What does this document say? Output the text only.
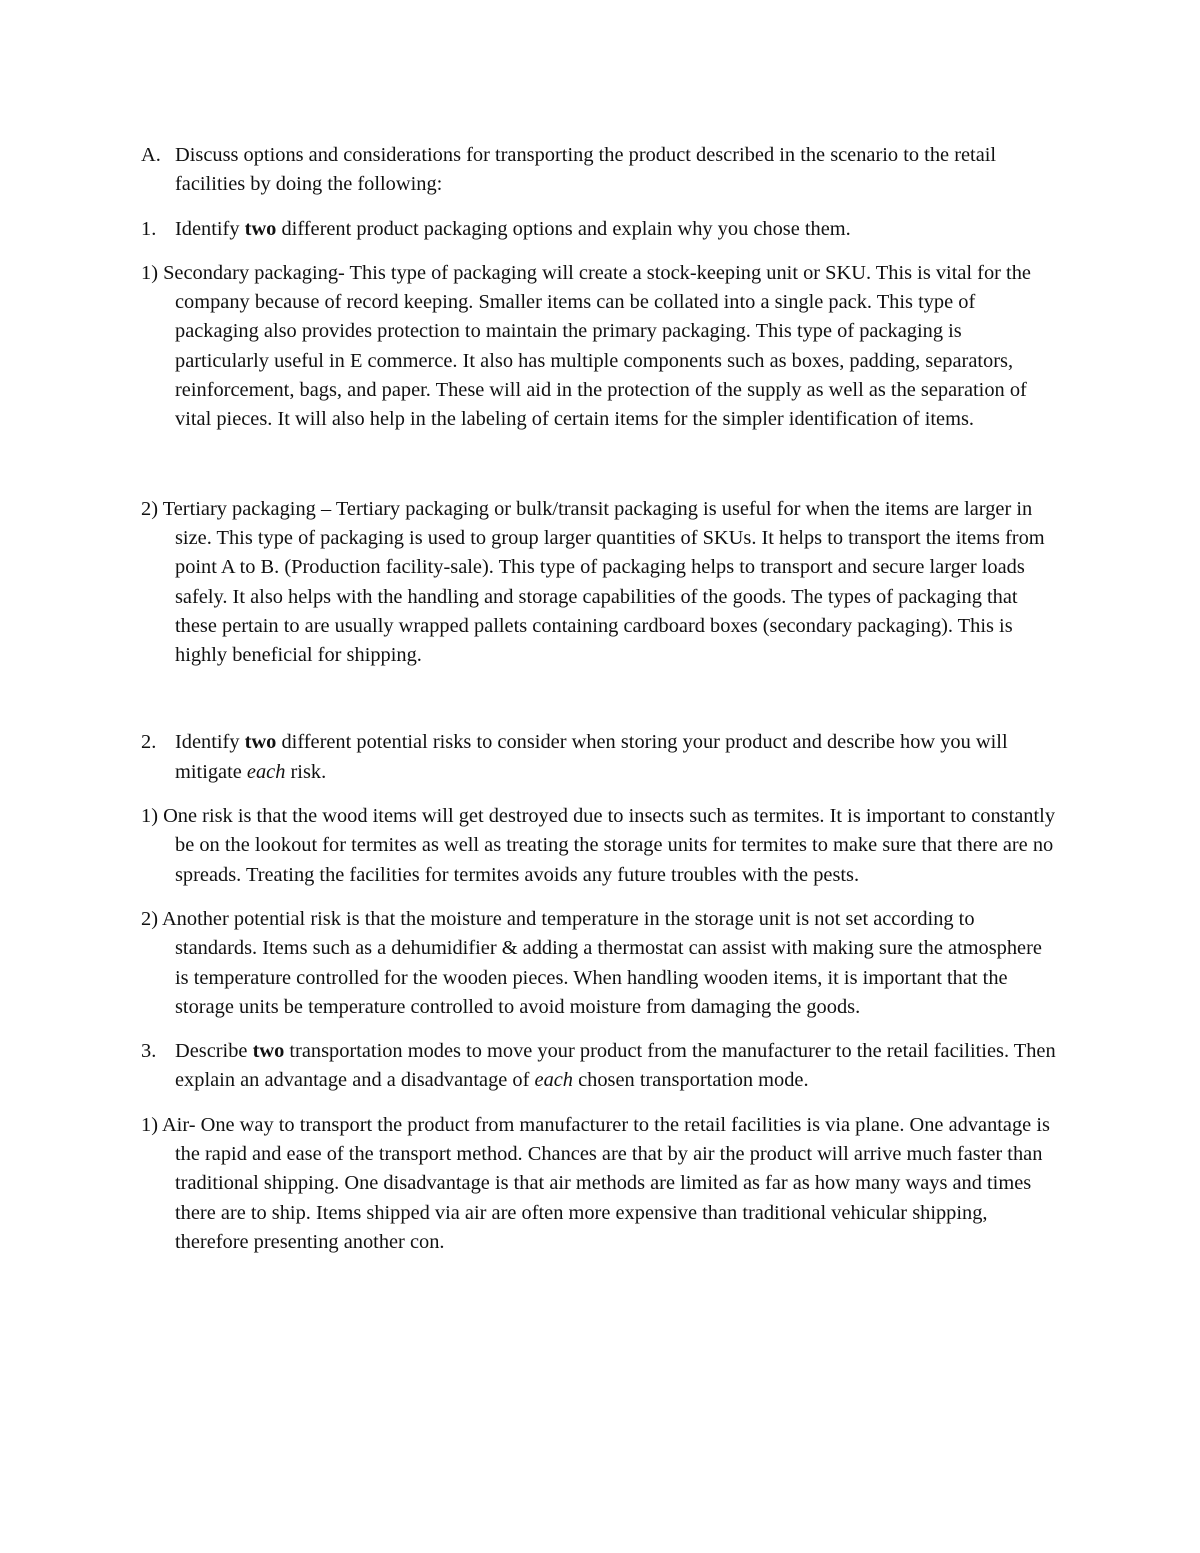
A. Discuss options and considerations for transporting the product described in the scenario to the retail facilities by doing the following:

1. Identify two different product packaging options and explain why you chose them.

1) Secondary packaging- This type of packaging will create a stock-keeping unit or SKU. This is vital for the company because of record keeping. Smaller items can be collated into a single pack. This type of packaging also provides protection to maintain the primary packaging. This type of packaging is particularly useful in E commerce. It also has multiple components such as boxes, padding, separators, reinforcement, bags, and paper. These will aid in the protection of the supply as well as the separation of vital pieces. It will also help in the labeling of certain items for the simpler identification of items.

2) Tertiary packaging – Tertiary packaging or bulk/transit packaging is useful for when the items are larger in size. This type of packaging is used to group larger quantities of SKUs. It helps to transport the items from point A to B. (Production facility-sale). This type of packaging helps to transport and secure larger loads safely. It also helps with the handling and storage capabilities of the goods. The types of packaging that these pertain to are usually wrapped pallets containing cardboard boxes (secondary packaging). This is highly beneficial for shipping.

2. Identify two different potential risks to consider when storing your product and describe how you will mitigate each risk.

1) One risk is that the wood items will get destroyed due to insects such as termites. It is important to constantly be on the lookout for termites as well as treating the storage units for termites to make sure that there are no spreads. Treating the facilities for termites avoids any future troubles with the pests.

2) Another potential risk is that the moisture and temperature in the storage unit is not set according to standards. Items such as a dehumidifier & adding a thermostat can assist with making sure the atmosphere is temperature controlled for the wooden pieces. When handling wooden items, it is important that the storage units be temperature controlled to avoid moisture from damaging the goods.

3. Describe two transportation modes to move your product from the manufacturer to the retail facilities. Then explain an advantage and a disadvantage of each chosen transportation mode.

1) Air- One way to transport the product from manufacturer to the retail facilities is via plane. One advantage is the rapid and ease of the transport method. Chances are that by air the product will arrive much faster than traditional shipping. One disadvantage is that air methods are limited as far as how many ways and times there are to ship. Items shipped via air are often more expensive than traditional vehicular shipping, therefore presenting another con.
